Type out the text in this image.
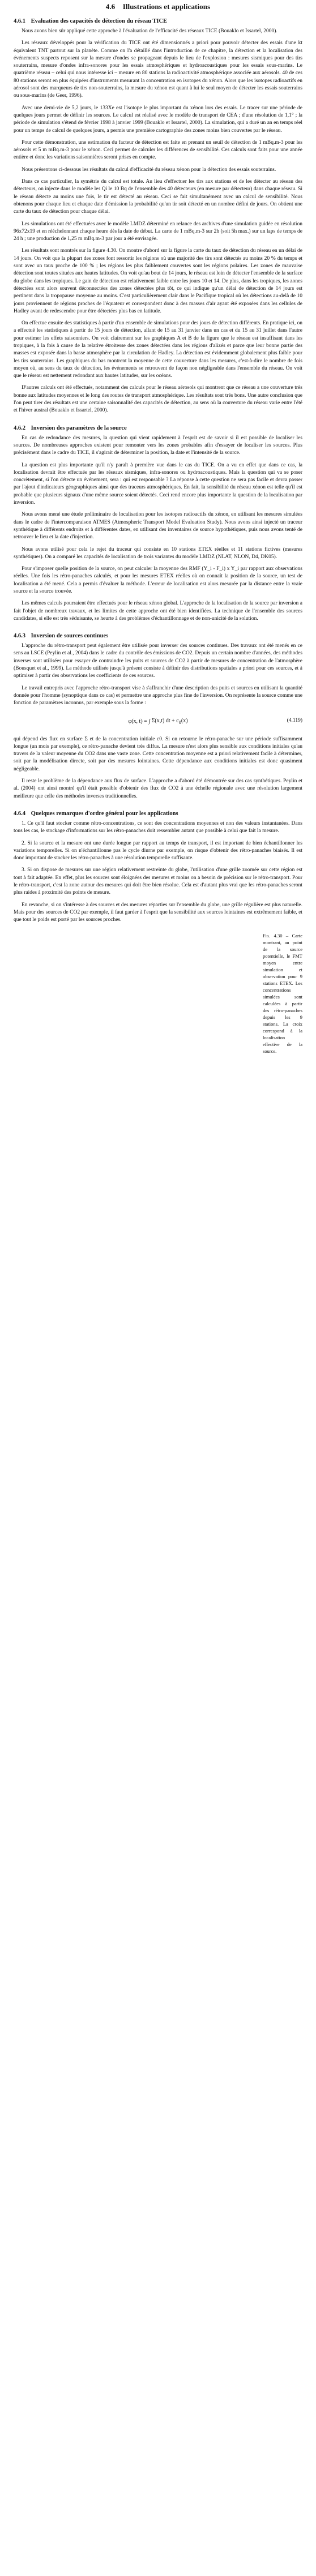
4.6 Illustrations et applications
4.6.1 Evaluation des capacités de détection du réseau TICE

Nous avons bien sûr appliqué cette approche à l'évaluation de l'efficacité des réseaux TICE (Bouaklo et Issartel, 2000).

Les réseaux développés pour la vérification du TICE ont été dimensionnés a priori pour pouvoir détecter des essais d'une kt équivalent TNT partout sur la planète. Comme on l'a détaillé dans l'introduction de ce chapitre, la détection et la localisation des événements suspects reposent sur la mesure d'ondes se propageant depuis le lieu de l'explosion : mesures sismiques pour des tirs souterrains, mesure d'ondes infra-sonores pour les essais atmosphériques et hydroacoustiques pour les essais sous-marins. Le quatrième réseau – celui qui nous intéresse ici – mesure en 80 stations la radioactivité atmosphérique associée aux aérosols. 40 de ces 80 stations seront en plus équipées d'instruments mesurant la concentration en isotopes du xénon. Alors que les isotopes radioactifs en aérosol sont des marqueurs de tirs non-souterrains, la mesure du xénon est quant à lui le seul moyen de détecter les essais souterrains ou sous-marins (de Geer, 1996).

Avec une demi-vie de 5,2 jours, le 133Xe est l'isotope le plus important du xénon lors des essais. Le tracer sur une période de quelques jours permet de définir les sources. Le calcul est réalisé avec le modèle de transport de CEA ; d'une résolution de 1,1° ; la période de simulation s'étend de février 1998 à janvier 1999 (Bouaklo et Issartel, 2000). La simulation, qui a duré un an en temps réel pour un temps de calcul de quelques jours, a permis une première cartographie des zones moins bien couvertes par le réseau.

Pour cette démonstration, une estimation du facteur de détection est faite en prenant un seuil de détection de 1 mBq.m-3 pour les aérosols et 5 m mBq.m-3 pour le xénon. Ceci permet de calculer les différences de sensibilité. Ces calculs sont faits pour une année entière et donc les variations saisonnières seront prises en compte.

Nous présentons ci-dessous les résultats du calcul d'efficacité du réseau xénon pour la détection des essais souterrains.

Dans ce cas particulier, la symétrie du calcul est totale. Au lieu d'effectuer les tirs aux stations et de les détecter au réseau des détecteurs, on injecte dans le modèle les Qi le 10 Bq de l'ensemble des 40 détecteurs (en mesure par détecteur) dans chaque réseau. Si le réseau détecte au moins une fois, le tir est détecté au réseau. Ceci se fait simultanément avec un calcul de sensibilité. Nous obtenons pour chaque lieu et chaque date d'émission la probabilité qu'un tir soit détecté en un nombre défini de jours. On obtient une carte du taux de détection pour chaque délai.

Les simulations ont été effectuées avec le modèle LMDZ déterminé en relance des archives d'une simulation guidée en résolution 96x72x19 et en rééchelonnant chaque heure dès la date de début. La carte de 1 mBq.m-3 sur 2h (soit 5h max.) sur un laps de temps de 24 h ; une production de 1,25 m mBq.m-3 par jour a été envisagée.

Les résultats sont montrés sur la figure 4.30. On montre d'abord sur la figure la carte du taux de détection du réseau en un délai de 14 jours. On voit que la plupart des zones font ressortir les régions où une majorité des tirs sont détectés au moins 20 % du temps et sont avec un taux proche de 100 % ; les régions les plus faiblement couvertes sont les régions polaires. Les zones de mauvaise détection sont toutes situées aux hautes latitudes. On voit qu'au bout de 14 jours, le réseau est loin de détecter l'ensemble de la surface du globe dans les tropiques. Le gain de détection est relativement faible entre les jours 10 et 14. De plus, dans les tropiques, les zones détectées sont alors souvent déconnectées des zones détectées plus tôt, ce qui indique qu'un délai de détection de 14 jours est pertinent dans la tropopause moyenne au moins. C'est particulièrement clair dans le Pacifique tropical où les détections au-delà de 10 jours proviennent de régions proches de l'équateur et correspondent donc à des masses d'air ayant été exposées dans les cellules de Hadley avant de redescendre pour être détectées plus bas en latitude.

On effectue ensuite des statistiques à partir d'un ensemble de simulations pour des jours de détection différents. En pratique ici, on a effectué les statistiques à partir de 15 jours de détection, allant de 15 au 31 janvier dans un cas et du 15 au 31 juillet dans l'autre pour estimer les effets saisonniers. On voit clairement sur les graphiques A et B de la figure que le réseau est insuffisant dans les tropiques, à la fois à cause de la relative étroitesse des zones détectées dans les régions d'alizés et parce que leur bonne partie des masses est exposée dans la basse atmosphère par la circulation de Hadley. La détection est évidemment globalement plus faible pour les tirs souterrains. Les graphiques du bas montrent la moyenne de cette couverture dans les mesures, c'est-à-dire le nombre de fois moyen où, au sens du taux de détection, les événements se retrouvent de façon non négligeable dans l'ensemble du réseau. On voit que le réseau est nettement redondant aux hautes latitudes, sur les océans.

D'autres calculs ont été effectués, notamment des calculs pour le réseau aérosols qui montrent que ce réseau a une couverture très bonne aux latitudes moyennes et le long des routes de transport atmosphérique. Les résultats sont très bons. Une autre conclusion que l'on peut tirer des résultats est une certaine saisonnalité des capacités de détection, au sens où la couverture du réseau varie entre l'été et l'hiver austral (Bouaklo et Issartel, 2000).

4.6.2 Inversion des paramètres de la source

En cas de redondance des mesures, la question qui vient rapidement à l'esprit est de savoir si il est possible de localiser les sources. De nombreuses approches existent pour remonter vers les zones probables afin d'essayer de localiser les sources. Plus précisément dans le cadre du TICE, il s'agirait de déterminer la position, la date et l'intensité de la source.

La question est plus importante qu'il n'y paraît à première vue dans le cas du TICE. On a vu en effet que dans ce cas, la localisation devrait être effectuée par les réseaux sismiques, infra-sonores ou hydroacoustiques. Mais la question qui va se poser concrètement, si l'on détecte un événement, sera : qui est responsable ? La réponse à cette question ne sera pas facile et devra passer par l'ajout d'indicateurs géographiques ainsi que des traceurs atmosphériques. En fait, la sensibilité du réseau xénon est telle qu'il est probable que plusieurs signaux d'une même source soient détectés. Ceci rend encore plus importante la question de la localisation par inversion.

Nous avons mené une étude préliminaire de localisation pour les isotopes radioactifs du xénon, en utilisant les mesures simulées dans le cadre de l'intercomparaison ATMES (Atmospheric Transport Model Evaluation Study). Nous avons ainsi injecté un traceur synthétique à différents endroits et à différentes dates, en utilisant des inventaires de source hypothétiques, puis nous avons tenté de retrouver le lieu et la date d'injection.

Nous avons utilisé pour cela le rejet du traceur qui consiste en 10 stations ETEX réelles et 11 stations fictives (mesures synthétiques). On a comparé les capacités de localisation de trois variantes du modèle LMDZ (NLAT, NLON, D4, DK05).

Pour s'imposer quelle position de la source, on peut calculer la moyenne des RMF (Y_i - F_i) x Y_i par rapport aux observations réelles. Une fois les rétro-panaches calculés, et pour les mesures ETEX réelles où on connaît la position de la source, un test de localisation a été mené. Cela a permis d'évaluer la méthode. L'erreur de localisation est alors mesurée par la distance entre la vraie source et la source trouvée.

Les mêmes calculs pourraient être effectués pour le réseau xénon global. L'approche de la localisation de la source par inversion a fait l'objet de nombreux travaux, et les limites de cette approche ont été bien identifiées. La technique de l'ensemble des sources candidates, si elle est très séduisante, se heurte à des problèmes d'échantillonnage et de non-unicité de la solution.

4.6.3 Inversion de sources continues

L'approche du rétro-transport peut également être utilisée pour inverser des sources continues. Des travaux ont été menés en ce sens au LSCE (Peylin et al., 2004) dans le cadre du contrôle des émissions de CO2. Depuis un certain nombre d'années, des méthodes inverses sont utilisées pour essayer de contraindre les puits et sources de CO2 à partir de mesures de concentration de l'atmosphère (Bousquet et al., 1999). La méthode utilisée jusqu'à présent consiste à définir des distributions spatiales a priori pour ces sources, et à optimiser à partir des observations les coefficients de ces sources.

Le travail entrepris avec l'approche rétro-transport vise à s'affranchir d'une description des puits et sources en utilisant la quantité donnée pour l'homme (synoptique dans ce cas) et permettre une approche plus fine de l'inversion. On représente la source comme une fonction de paramètres inconnus, par exemple sous la forme :

φ(x, t) =
∫ Σ(x,t) dt + $c_0(x)$	(4.119)

qui dépend des flux en surface Σ et de la concentration initiale c0. Si on retourne le rétro-panache sur une période suffisamment longue (un mois par exemple), ce rétro-panache devient très diffus. La mesure n'est alors plus sensible aux conditions initiales qu'au travers de la valeur moyenne du CO2 dans une vaste zone. Cette concentration moyenne est a priori relativement facile à déterminer, soit par la modélisation directe, soit par des mesures lointaines. Cette dépendance aux conditions initiales est donc quasiment négligeable.

Il reste le problème de la dépendance aux flux de surface. L'approche a d'abord été démontrée sur des cas synthétiques. Peylin et al. (2004) ont ainsi montré qu'il était possible d'obtenir des flux de CO2 à une échelle régionale avec une résolution largement meilleure que celle des méthodes inverses traditionnelles.

4.6.4 Quelques remarques d'ordre général pour les applications

1. Ce qu'il faut stocker comme rétro-concentrations, ce sont des concentrations moyennes et non des valeurs instantanées. Dans tous les cas, le stockage d'informations sur les rétro-panaches doit ressembler autant que possible à celui que fait la mesure.

2. Si la source et la mesure ont une durée longue par rapport au temps de transport, il est important de bien échantillonner les variations temporelles. Si on n'échantillonne pas le cycle diurne par exemple, on risque d'obtenir des rétro-panaches biaisés. Il est donc important de stocker les rétro-panaches à une résolution temporelle suffisante.

3. Si on dispose de mesures sur une région relativement restreinte du globe, l'utilisation d'une grille zoomée sur cette région est tout à fait adaptée. En effet, plus les sources sont éloignées des mesures et moins on a besoin de précision sur le rétro-transport. Pour le rétro-transport, c'est la zone autour des mesures qui doit être bien résolue. Cela est d'autant plus vrai que les rétro-panaches seront plus raides à proximité des points de mesure.

En revanche, si on s'intéresse à des sources et des mesures réparties sur l'ensemble du globe, une grille régulière est plus naturelle. Mais pour des sources de CO2 par exemple, il faut garder à l'esprit que la sensibilité aux sources lointaines est extrêmement faible, et que tout le poids est porté par les sources proches.

Fig. 4.30 – Carte montrant, au point de la source potentielle, le FMT moyen entre simulation et observation pour 9 stations ETEX. Les concentrations simulées sont calculées à partir des rétro-panaches depuis les 9 stations. La croix correspond à la localisation effective de la source.
